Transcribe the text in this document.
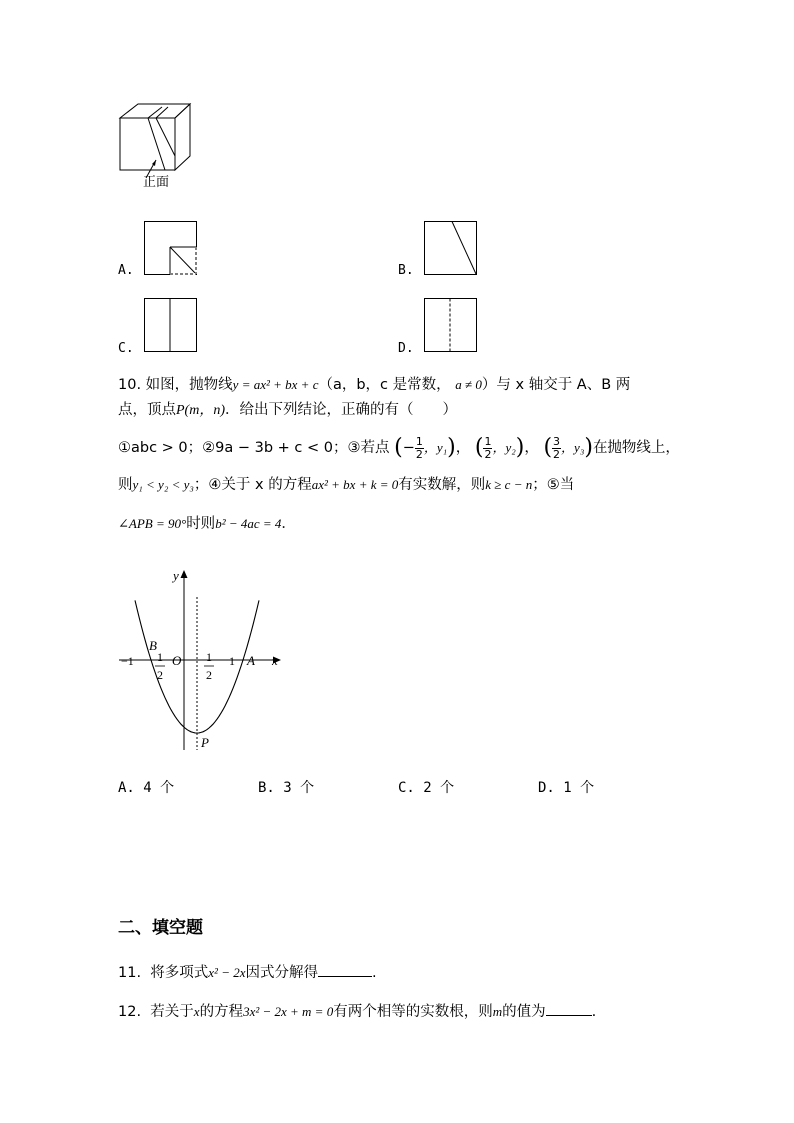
正面
A.	B.
C.	D.
10. 如图，抛物线y = ax² + bx + c（a，b，c 是常数， a ≠ 0）与 x 轴交于 A、B 两
点，顶点P(m，n)．给出下列结论，正确的有（　　）
①abc > 0；②9a − 3b + c < 0；③若点 (− $\frac{1}{2}$ ，y₁)， ( $\frac{1}{2}$ ，y₂)， ( $\frac{3}{2}$ ，y₃)在抛物线上，
则y₁ < y₂ < y₃；④关于 x 的方程ax² + bx + k = 0有实数解，则k ≥ c − n；⑤当
∠APB = 90°时则b² − 4ac = 4．
y
x
O
B
A
P
−1	1
1
2
1
2
A. 4 个	B. 3 个	C. 2 个	D. 1 个
二、填空题
11. 将多项式x² − 2x因式分解得	.
12. 若关于x的方程3x² − 2x + m = 0有两个相等的实数根，则m的值为	.
